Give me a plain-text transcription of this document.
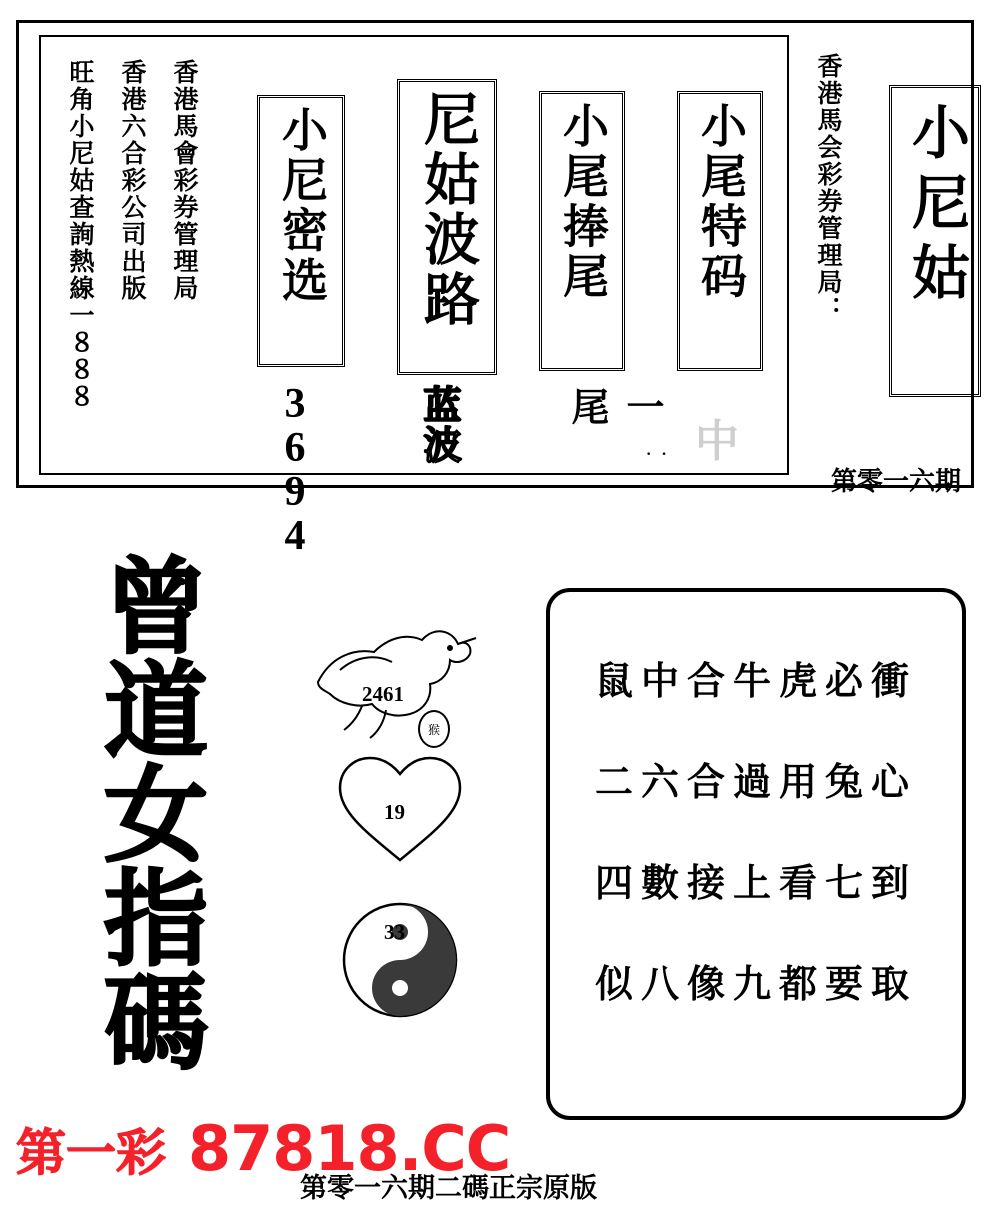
旺角小尼姑查詢熱線一８８８ 香港六合彩公司出版 香港馬會彩券管理局 小尼密选
3694
尼姑波路
蓝波
小尾捧尾
一尾
··
小尾特码
中
香港馬会彩券管理局： 小尼姑
第零一六期
曾道女指碼	2461
猴
19
33
鼠中合牛虎必衝
二六合過用兔心
四數接上看七到
似八像九都要取
第一彩 87818.CC
第零一六期二碼正宗原版
